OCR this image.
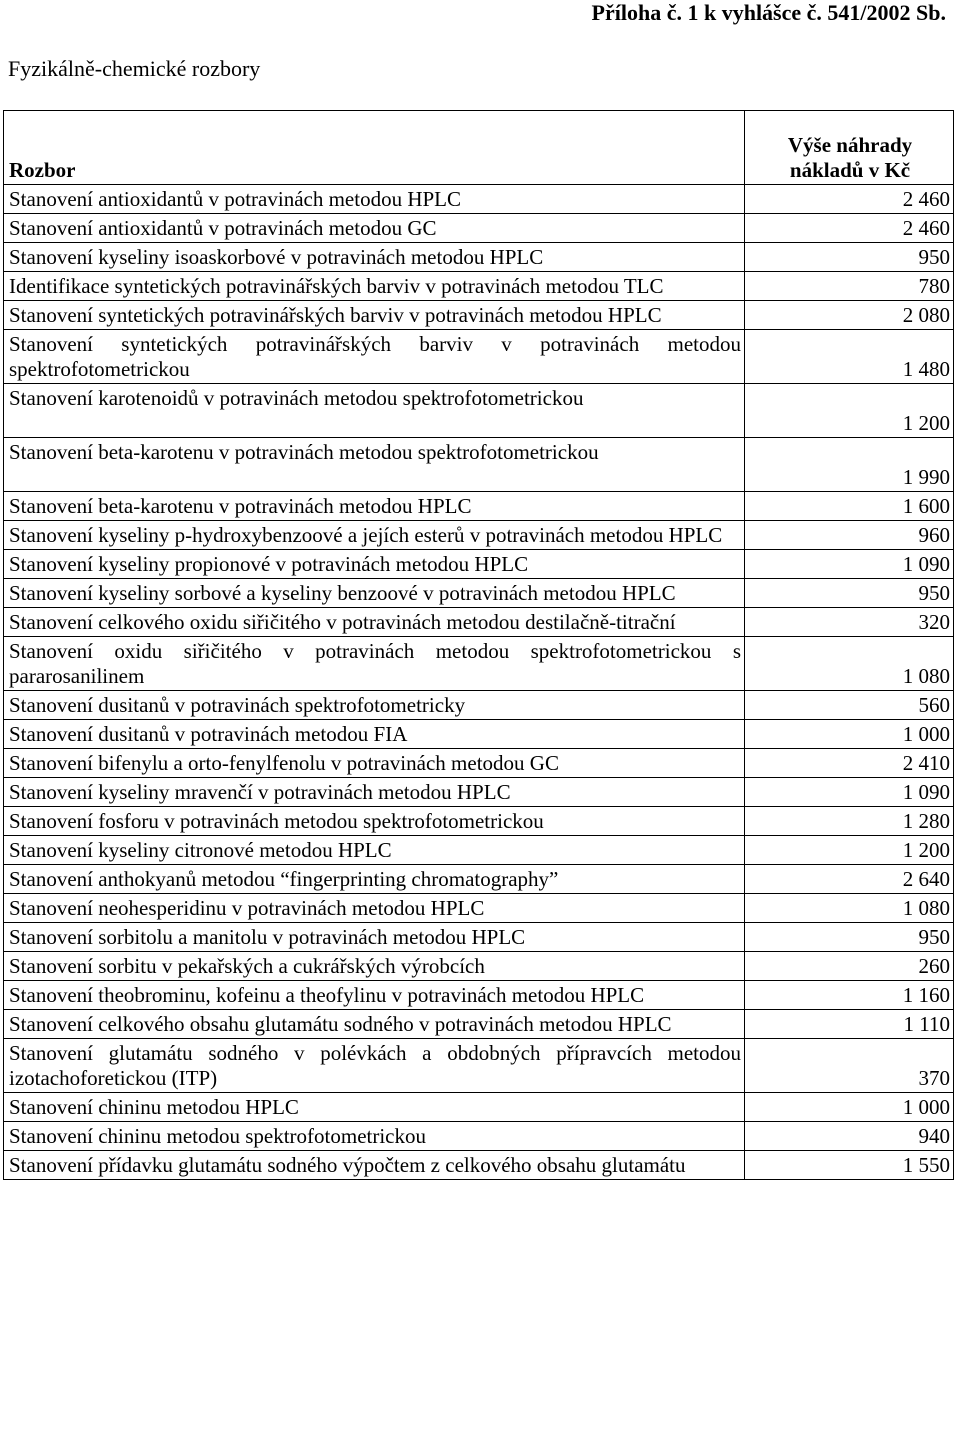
Příloha č. 1 k vyhlášce č. 541/2002 Sb.
Fyzikálně-chemické rozbory
Rozbor	Výše náhrady
nákladů v Kč

Stanovení antioxidantů v potravinách metodou HPLC	2 460
Stanovení antioxidantů v potravinách metodou GC	2 460
Stanovení kyseliny isoaskorbové v potravinách metodou HPLC	950
Identifikace syntetických potravinářských barviv v potravinách metodou TLC	780
Stanovení syntetických potravinářských barviv v potravinách metodou HPLC	2 080
Stanovení syntetických potravinářských barviv v potravinách metodou spektrofotometrickou	1 480
Stanovení karotenoidů v potravinách metodou spektrofotometrickou	1 200
Stanovení beta-karotenu v potravinách metodou spektrofotometrickou	1 990
Stanovení beta-karotenu v potravinách metodou HPLC	1 600
Stanovení kyseliny p-hydroxybenzoové a jejích esterů v potravinách metodou HPLC	960
Stanovení kyseliny propionové v potravinách metodou HPLC	1 090
Stanovení kyseliny sorbové a kyseliny benzoové v potravinách metodou HPLC	950
Stanovení celkového oxidu siřičitého v potravinách metodou destilačně-titrační	320
Stanovení oxidu siřičitého v potravinách metodou spektrofotometrickou s pararosanilinem	1 080
Stanovení dusitanů v potravinách spektrofotometricky	560
Stanovení dusitanů v potravinách metodou FIA	1 000
Stanovení bifenylu a orto-fenylfenolu v potravinách metodou GC	2 410
Stanovení kyseliny mravenčí v potravinách metodou HPLC	1 090
Stanovení fosforu v potravinách metodou spektrofotometrickou	1 280
Stanovení kyseliny citronové metodou HPLC	1 200
Stanovení anthokyanů metodou “fingerprinting chromatography”	2 640
Stanovení neohesperidinu v potravinách metodou HPLC	1 080
Stanovení sorbitolu a manitolu v potravinách metodou HPLC	950
Stanovení sorbitu v pekařských a cukrářských výrobcích	260
Stanovení theobrominu, kofeinu a theofylinu v potravinách metodou HPLC	1 160
Stanovení celkového obsahu glutamátu sodného v potravinách metodou HPLC	1 110
Stanovení glutamátu sodného v polévkách a obdobných přípravcích metodou izotachoforetickou (ITP)	370
Stanovení chininu metodou HPLC	1 000
Stanovení chininu metodou spektrofotometrickou	940
Stanovení přídavku glutamátu sodného výpočtem z celkového obsahu glutamátu	1 550
